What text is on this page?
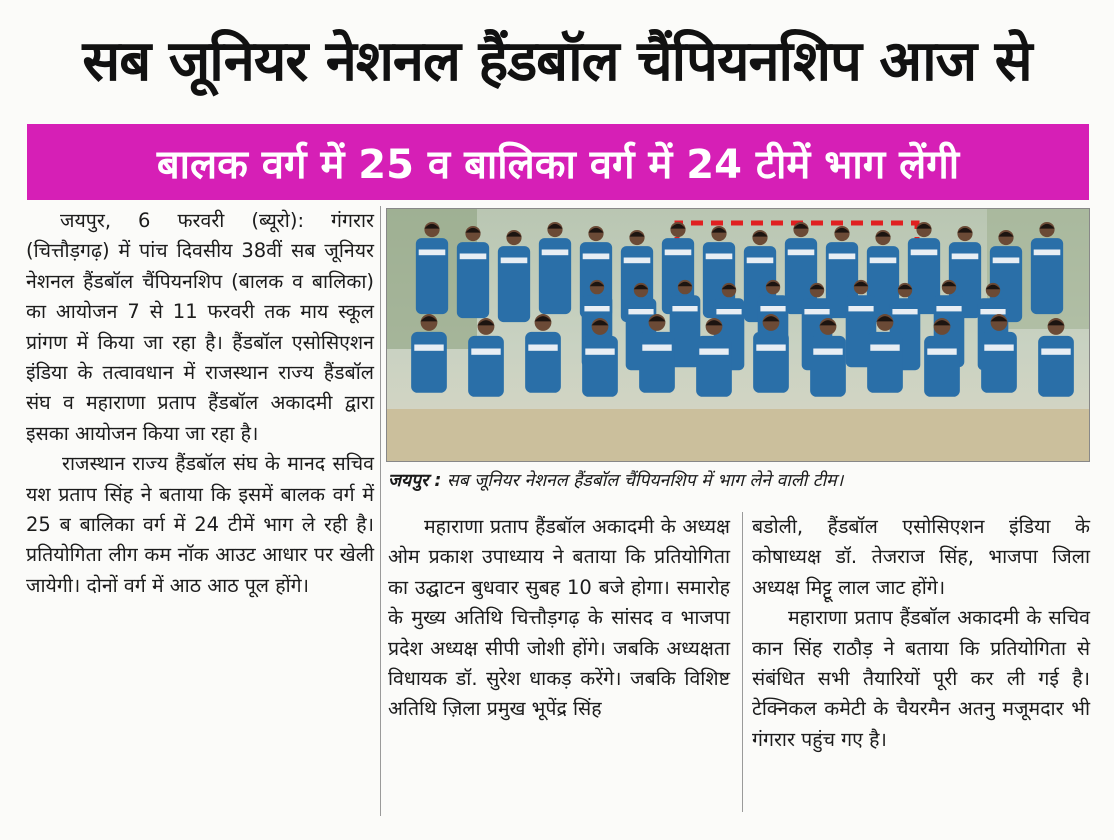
सब जूनियर नेशनल हैंडबॉल चैंपियनशिप आज से
बालक वर्ग में 25 व बालिका वर्ग में 24 टीमें भाग लेंगी

जयपुर, 6 फरवरी (ब्यूरो): गंगरार (चित्तौड़गढ़) में पांच दिवसीय 38वीं सब जूनियर नेशनल हैंडबॉल चैंपियनशिप (बालक व बालिका) का आयोजन 7 से 11 फरवरी तक माय स्कूल प्रांगण में किया जा रहा है। हैंडबॉल एसोसिएशन इंडिया के तत्वावधान में राजस्थान राज्य हैंडबॉल संघ व महाराणा प्रताप हैंडबॉल अकादमी द्वारा इसका आयोजन किया जा रहा है।

राजस्थान राज्य हैंडबॉल संघ के मानद सचिव यश प्रताप सिंह ने बताया कि इसमें बालक वर्ग में 25 ब बालिका वर्ग में 24 टीमें भाग ले रही है। प्रतियोगिता लीग कम नॉक आउट आधार पर खेली जायेगी। दोनों वर्ग में आठ आठ पूल होंगे।

जयपुर : सब जूनियर नेशनल हैंडबॉल चैंपियनशिप में भाग लेने वाली टीम।

महाराणा प्रताप हैंडबॉल अकादमी के अध्यक्ष ओम प्रकाश उपाध्याय ने बताया कि प्रतियोगिता का उद्घाटन बुधवार सुबह 10 बजे होगा। समारोह के मुख्य अतिथि चित्तौड़गढ़ के सांसद व भाजपा प्रदेश अध्यक्ष सीपी जोशी होंगे। जबकि अध्यक्षता विधायक डॉ. सुरेश धाकड़ करेंगे। जबकि विशिष्ट अतिथि ज़िला प्रमुख भूपेंद्र सिंह

बडोली, हैंडबॉल एसोसिएशन इंडिया के कोषाध्यक्ष डॉ. तेजराज सिंह, भाजपा जिला अध्यक्ष मिट्टू लाल जाट होंगे।

महाराणा प्रताप हैंडबॉल अकादमी के सचिव कान सिंह राठौड़ ने बताया कि प्रतियोगिता से संबंधित सभी तैयारियों पूरी कर ली गई है। टेक्निकल कमेटी के चैयरमैन अतनु मजूमदार भी गंगरार पहुंच गए है।
